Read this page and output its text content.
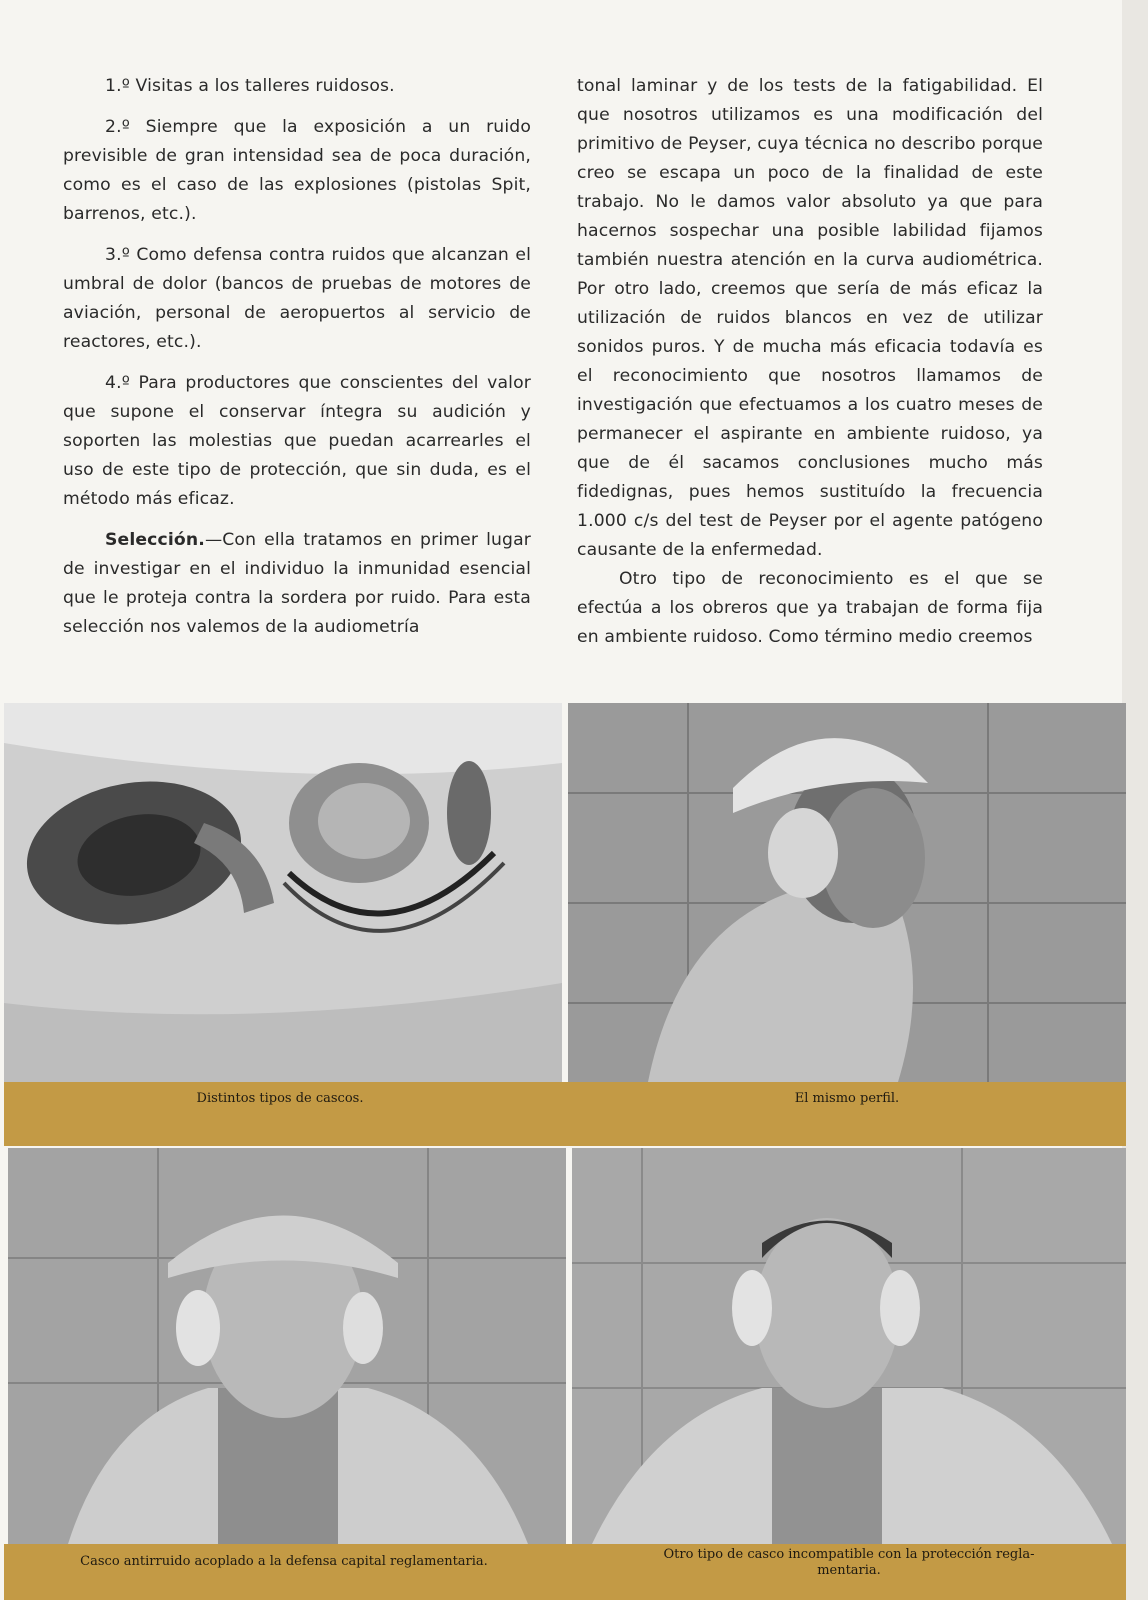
1.º Visitas a los talleres ruidosos.

2.º Siempre que la exposición a un ruido previsible de gran intensidad sea de poca duración, como es el caso de las explosiones (pistolas Spit, barrenos, etc.).

3.º Como defensa contra ruidos que alcanzan el umbral de dolor (bancos de pruebas de motores de aviación, personal de aeropuertos al servicio de reactores, etc.).

4.º Para productores que conscientes del valor que supone el conservar íntegra su audición y soporten las molestias que puedan acarrearles el uso de este tipo de protección, que sin duda, es el método más eficaz.

Selección.—Con ella tratamos en primer lugar de investigar en el individuo la inmunidad esencial que le proteja contra la sordera por ruido. Para esta selección nos valemos de la audiometría

tonal laminar y de los tests de la fatigabilidad. El que nosotros utilizamos es una modificación del primitivo de Peyser, cuya técnica no describo porque creo se escapa un poco de la finalidad de este trabajo. No le damos valor absoluto ya que para hacernos sospechar una posible labilidad fijamos también nuestra atención en la curva audiométrica. Por otro lado, creemos que sería de más eficaz la utilización de ruidos blancos en vez de utilizar sonidos puros. Y de mucha más eficacia todavía es el reconocimiento que nosotros llamamos de investigación que efectuamos a los cuatro meses de permanecer el aspirante en ambiente ruidoso, ya que de él sacamos conclusiones mucho más fidedignas, pues hemos sustituído la frecuencia 1.000 c/s del test de Peyser por el agente patógeno causante de la enfermedad.

Otro tipo de reconocimiento es el que se efectúa a los obreros que ya trabajan de forma fija en ambiente ruidoso. Como término medio creemos

Distintos tipos de cascos.	El mismo perfil.
Casco antirruido acoplado a la defensa capital reglamentaria.	Otro tipo de casco incompatible con la protección regla-
mentaria.
